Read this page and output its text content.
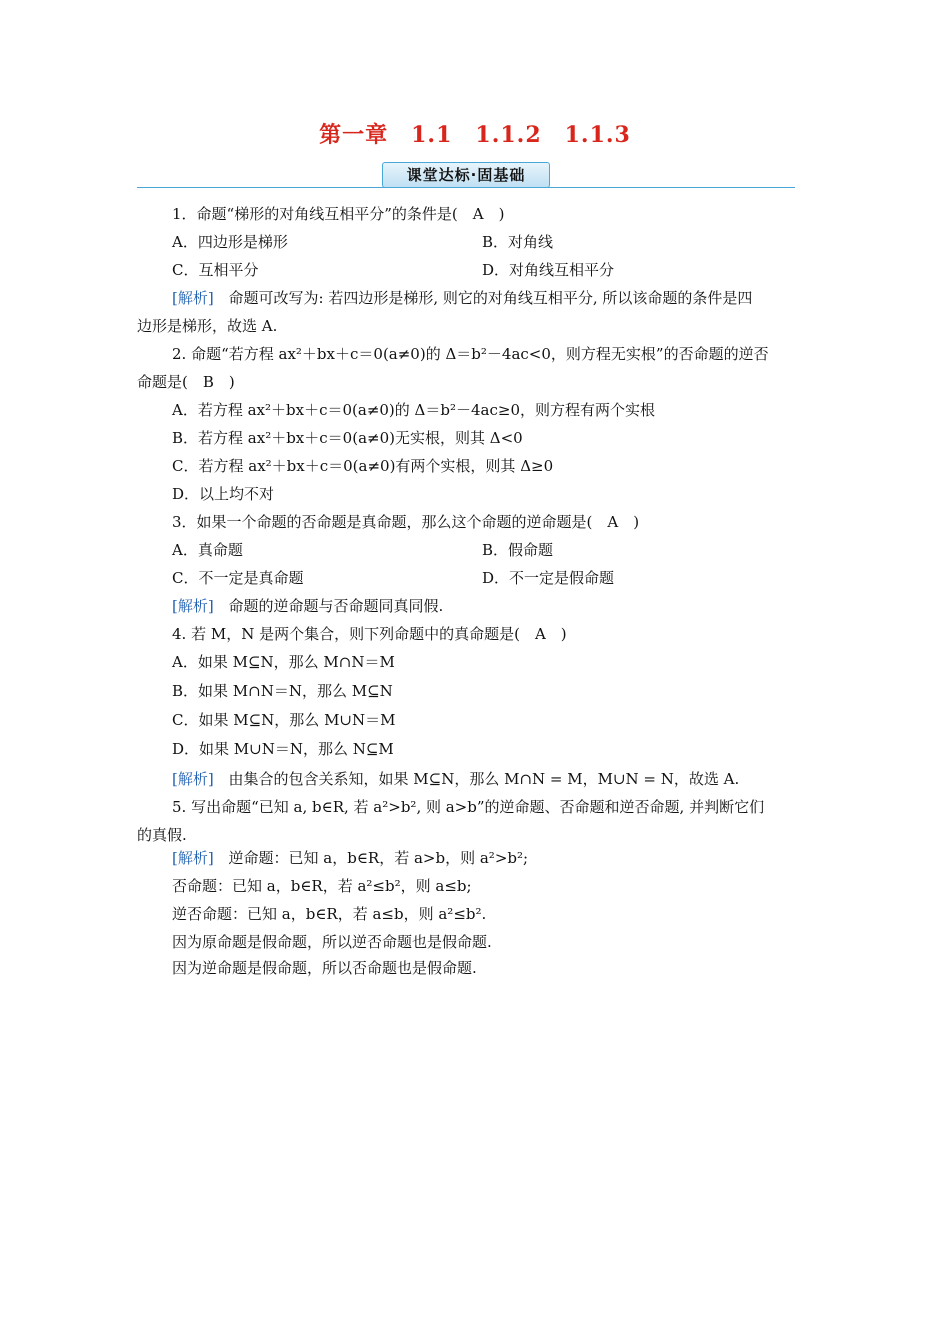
第一章　1.1　1.1.2　1.1.3
课堂达标·固基础
1．命题“梯形的对角线互相平分”的条件是(　A　)
A．四边形是梯形	B．对角线
C．互相平分	D．对角线互相平分
[解析] 命题可改写为: 若四边形是梯形, 则它的对角线互相平分, 所以该命题的条件是四
边形是梯形，故选 A.
2. 命题“若方程 ax²＋bx＋c＝0(a≠0)的 Δ＝b²－4ac<0，则方程无实根”的否命题的逆否
命题是(　B　)
A．若方程 ax²＋bx＋c＝0(a≠0)的 Δ＝b²－4ac≥0，则方程有两个实根
B．若方程 ax²＋bx＋c＝0(a≠0)无实根，则其 Δ<0
C．若方程 ax²＋bx＋c＝0(a≠0)有两个实根，则其 Δ≥0
D．以上均不对
3．如果一个命题的否命题是真命题，那么这个命题的逆命题是(　A　)
A．真命题	B．假命题
C．不一定是真命题	D．不一定是假命题
[解析] 命题的逆命题与否命题同真同假.
4. 若 M，N 是两个集合，则下列命题中的真命题是(　A　)
A．如果 M⊆N，那么 M∩N＝M
B．如果 M∩N＝N，那么 M⊆N
C．如果 M⊆N，那么 M∪N＝M
D．如果 M∪N＝N，那么 N⊆M
[解析] 由集合的包含关系知，如果 M⊆N，那么 M∩N = M，M∪N = N，故选 A.
5. 写出命题“已知 a, b∈R, 若 a²>b², 则 a>b”的逆命题、否命题和逆否命题, 并判断它们
的真假.
[解析] 逆命题：已知 a，b∈R，若 a>b，则 a²>b²;
否命题：已知 a，b∈R，若 a²≤b²，则 a≤b;
逆否命题：已知 a，b∈R，若 a≤b，则 a²≤b².
因为原命题是假命题，所以逆否命题也是假命题.
因为逆命题是假命题，所以否命题也是假命题.
